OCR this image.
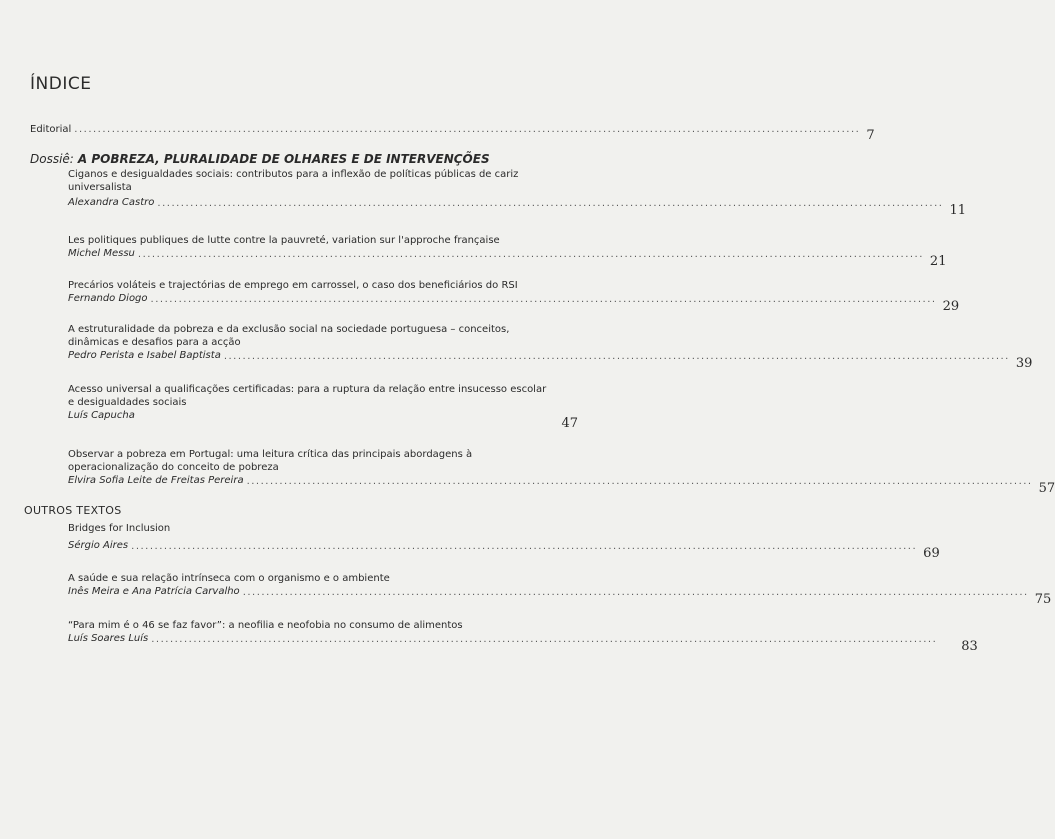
ÍNDICE
Editorial ........................................................................................................................................................................ 7
Dossiê: A POBREZA, PLURALIDADE DE OLHARES E DE INTERVENÇÕES
Ciganos e desigualdades sociais: contributos para a inflexão de políticas públicas de cariz universalista
Alexandra Castro ........................................................................................................................................................................ 11
Les politiques publiques de lutte contre la pauvreté, variation sur l'approche française
Michel Messu ........................................................................................................................................................................ 21
Precários voláteis e trajectórias de emprego em carrossel, o caso dos beneficiários do RSI
Fernando Diogo ........................................................................................................................................................................ 29
A estruturalidade da pobreza e da exclusão social na sociedade portuguesa – conceitos, dinâmicas e desafios para a acção
Pedro Perista e Isabel Baptista ........................................................................................................................................................................ 39
Acesso universal a qualificações certificadas: para a ruptura da relação entre insucesso escolar e desigualdades sociais
Luís Capucha
47
Observar a pobreza em Portugal: uma leitura crítica das principais abordagens à operacionalização do conceito de pobreza
Elvira Sofia Leite de Freitas Pereira ........................................................................................................................................................................ 57
OUTROS TEXTOS
Bridges for Inclusion
Sérgio Aires ........................................................................................................................................................................ 69
A saúde e sua relação intrínseca com o organismo e o ambiente
Inês Meira e Ana Patrícia Carvalho ........................................................................................................................................................................ 75
“Para mim é o 46 se faz favor”: a neofilia e neofobia no consumo de alimentos
Luís Soares Luís ........................................................................................................................................................................ 83
